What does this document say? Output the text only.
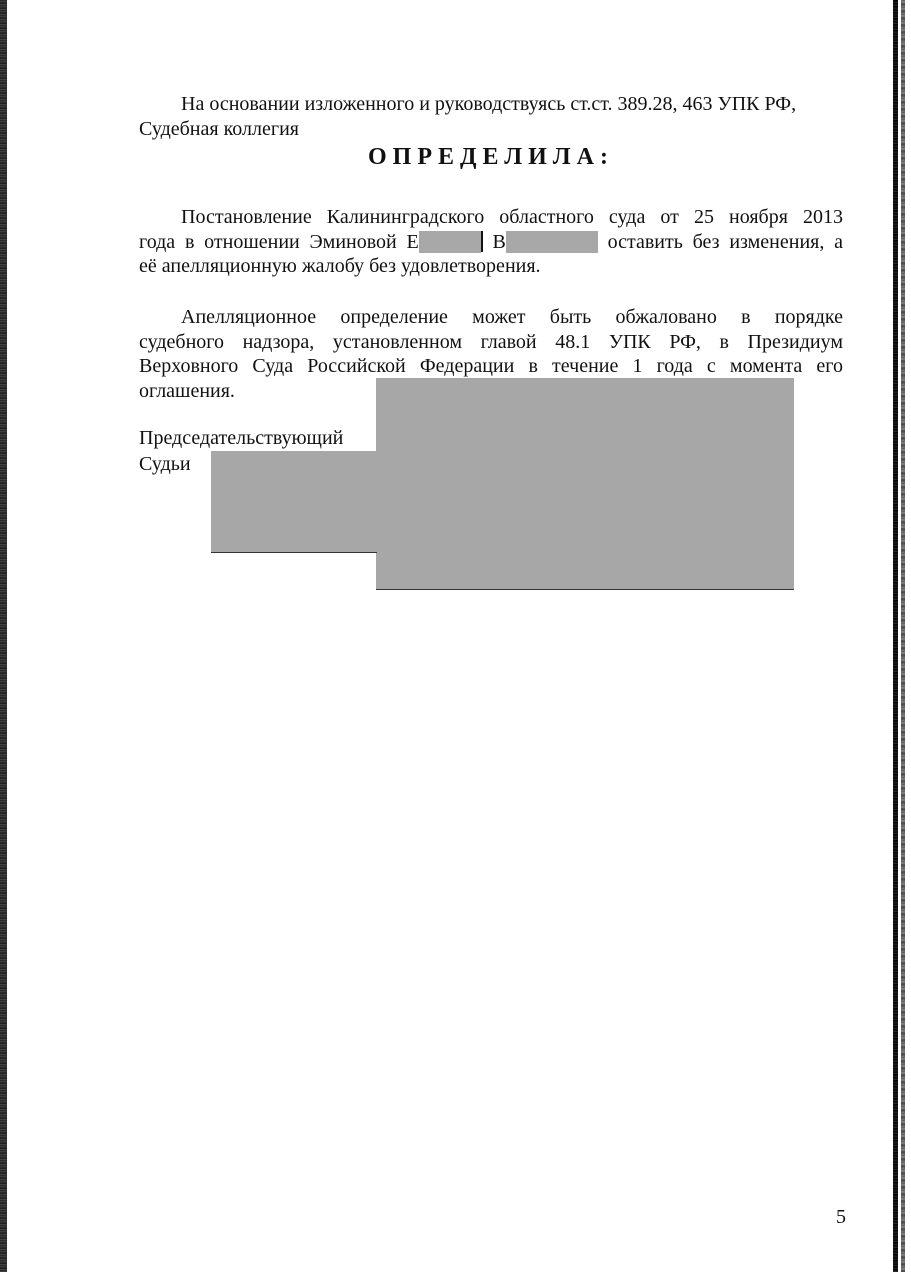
На основании изложенного и руководствуясь ст.ст. 389.28, 463 УПК РФ,
Судебная коллегия

ОПРЕДЕЛИЛА:

Постановление Калининградского областного суда от 25 ноября 2013
года в отношении Эминовой Е	В	оставить без изменения, а
её апелляционную жалобу без удовлетворения.

Апелляционное определение может быть обжаловано в порядке
судебного надзора, установленном главой 48.1 УПК РФ, в Президиум
Верховного Суда Российской Федерации в течение 1 года с момента его
оглашения.

Председательствующий

Судьи

5
